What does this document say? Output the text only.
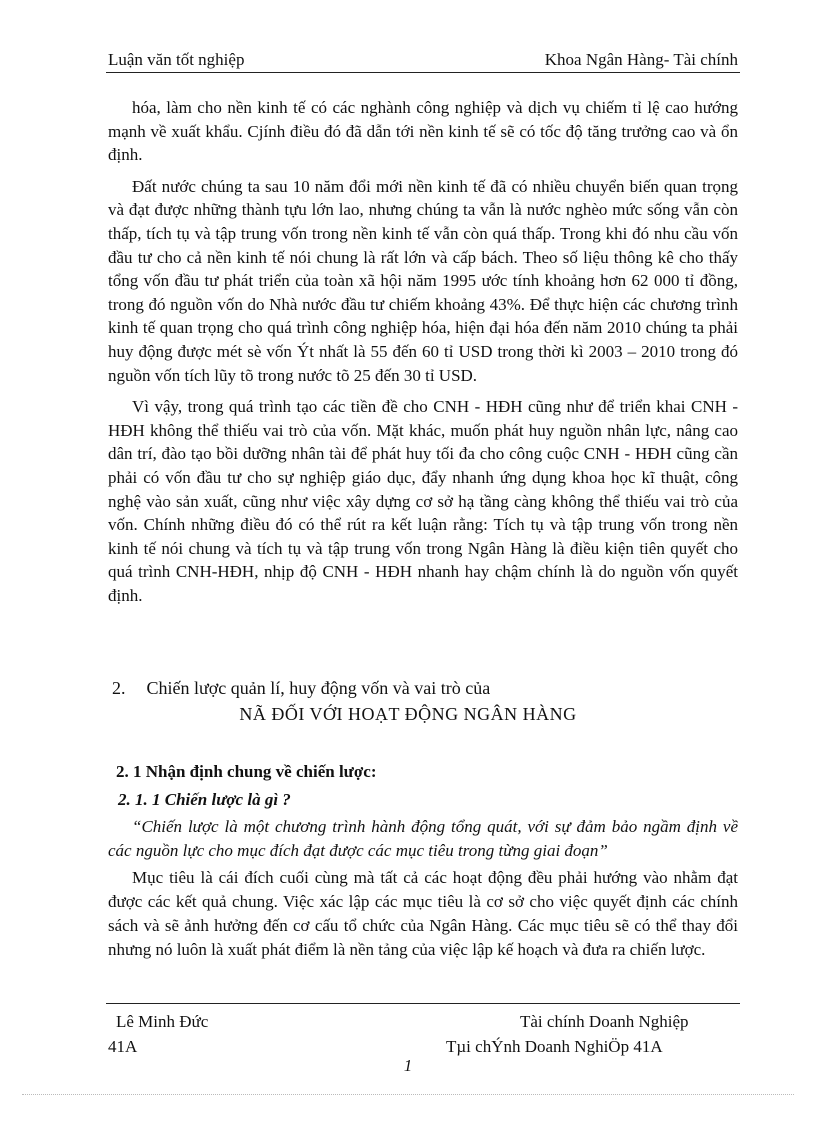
Luận văn tốt nghiệp	Khoa Ngân Hàng- Tài chính

hóa, làm cho nền kinh tế có các nghành công nghiệp và dịch vụ chiếm tỉ lệ cao hướng mạnh về xuất khẩu. Cjính điều đó đã dẫn tới nền kinh tế sẽ có tốc độ tăng trưởng cao và ổn định.

Đất nước chúng ta sau 10 năm đổi mới nền kinh tế đã có nhiều chuyển biến quan trọng và đạt được những thành tựu lớn lao, nhưng chúng ta vẫn là nước nghèo mức sống vẫn còn thấp, tích tụ và tập trung vốn trong nền kinh tế vẫn còn quá thấp. Trong khi đó nhu cầu vốn đầu tư cho cả nền kinh tế nói chung là rất lớn và cấp bách. Theo số liệu thông kê cho thấy tổng vốn đầu tư phát triển của toàn xã hội năm 1995 ước tính khoảng hơn 62 000 tỉ đồng, trong đó nguồn vốn do Nhà nước đầu tư chiếm khoảng 43%. Để thực hiện các chương trình kinh tế quan trọng cho quá trình công nghiệp hóa, hiện đại hóa đến năm 2010 chúng ta phải huy động được mét sè vốn Ýt nhất là 55 đến 60 tỉ USD trong thời kì 2003 – 2010 trong đó nguồn vốn tích lũy tõ trong nước tõ 25 đến 30 tỉ USD.

Vì vậy, trong quá trình tạo các tiền đề cho CNH - HĐH cũng như để triển khai CNH - HĐH không thể thiếu vai trò của vốn. Mặt khác, muốn phát huy nguồn nhân lực, nâng cao dân trí, đào tạo bồi dưỡng nhân tài để phát huy tối đa cho công cuộc CNH - HĐH cũng cần phải có vốn đầu tư cho sự nghiệp giáo dục, đẩy nhanh ứng dụng khoa học kĩ thuật, công nghệ vào sản xuất, cũng như việc xây dựng cơ sở hạ tầng càng không thể thiếu vai trò của vốn. Chính những điều đó có thể rút ra kết luận rằng: Tích tụ và tập trung vốn trong nền kinh tế nói chung và tích tụ và tập trung vốn trong Ngân Hàng là điều kiện tiên quyết cho quá trình CNH-HĐH, nhịp độ CNH - HĐH nhanh hay chậm chính là do nguồn vốn quyết định.

2. Chiến lược quản lí, huy động vốn và vai trò của
NÃ ĐỐI VỚI HOẠT ĐỘNG NGÂN HÀNG
2. 1 Nhận định chung về chiến lược:
2. 1. 1 Chiến lược là gì ?

“Chiến lược là một chương trình hành động tổng quát, với sự đảm bảo ngầm định về các nguồn lực cho mục đích đạt được các mục tiêu trong từng giai đoạn”

Mục tiêu là cái đích cuối cùng mà tất cả các hoạt động đều phải hướng vào nhằm đạt được các kết quả chung. Việc xác lập các mục tiêu là cơ sở cho việc quyết định các chính sách và sẽ ảnh hưởng đến cơ cấu tổ chức của Ngân Hàng. Các mục tiêu sẽ có thể thay đổi nhưng nó luôn là xuất phát điểm là nền tảng của việc lập kế hoạch và đưa ra chiến lược.

Lê Minh Đức	Tài chính Doanh Nghiệp
41A	Tµi chÝnh Doanh NghiÖp 41A
1
